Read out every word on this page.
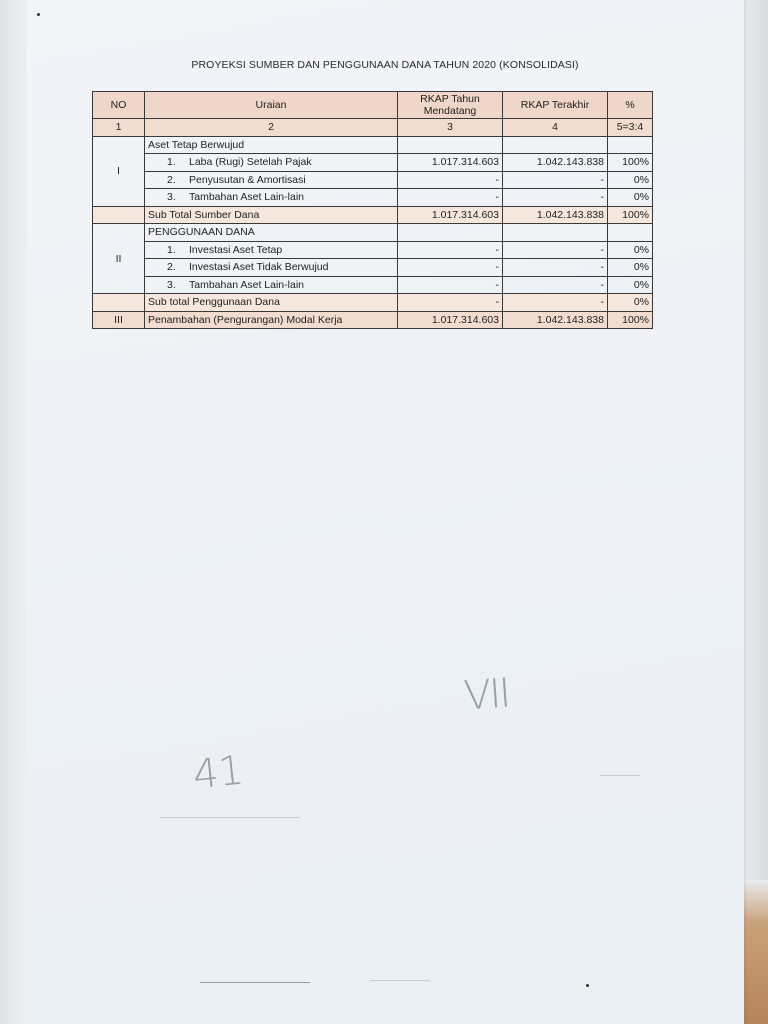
PROYEKSI SUMBER DAN PENGGUNAAN DANA TAHUN 2020 (KONSOLIDASI)
NO	Uraian	RKAP Tahun Mendatang	RKAP Terakhir	%
1	2	3	4	5=3:4
I	Aset Tetap Berwujud			
	1. Laba (Rugi) Setelah Pajak	1.017.314.603	1.042.143.838	100%
	2. Penyusutan & Amortisasi	-	-	0%
	3. Tambahan Aset Lain-lain	-	-	0%
	Sub Total Sumber Dana	1.017.314.603	1.042.143.838	100%
II	PENGGUNAAN DANA			
	1. Investasi Aset Tetap	-	-	0%
	2. Investasi Aset Tidak Berwujud	-	-	0%
	3. Tambahan Aset Lain-lain	-	-	0%
	Sub total Penggunaan Dana	-	-	0%
III	Penambahan (Pengurangan) Modal Kerja	1.017.314.603	1.042.143.838	100%
VII
41
